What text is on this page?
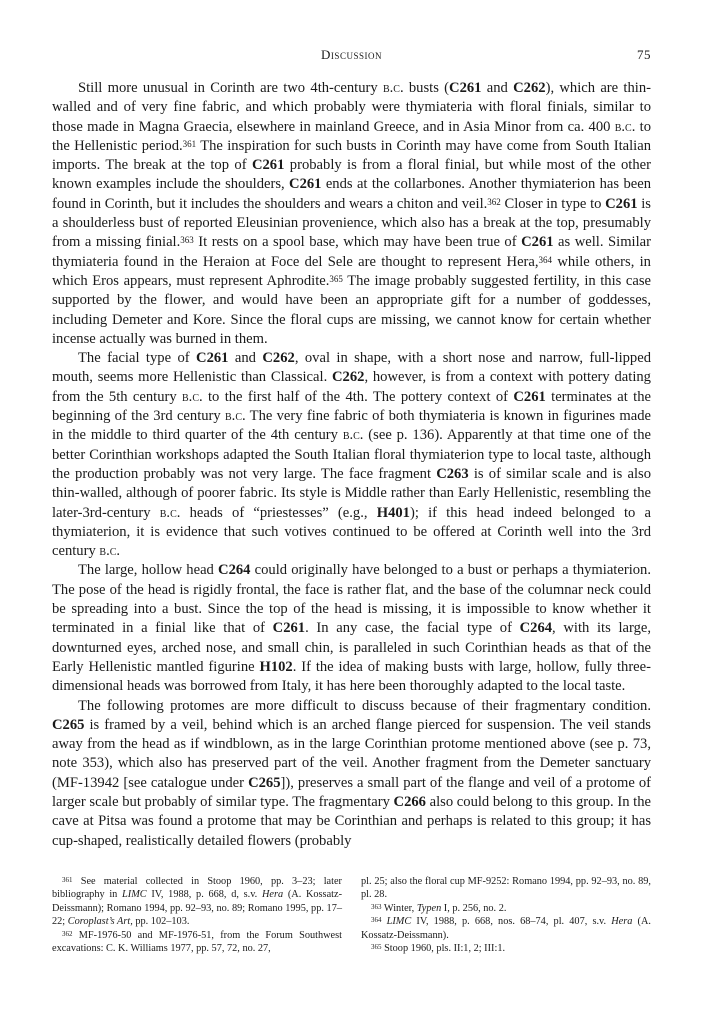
Discussion	75

Still more unusual in Corinth are two 4th-century b.c. busts (C261 and C262), which are thin-walled and of very fine fabric, and which probably were thymiateria with floral finials, similar to those made in Magna Graecia, elsewhere in mainland Greece, and in Asia Minor from ca. 400 b.c. to the Hellenistic period.$^{361}$ The inspiration for such busts in Corinth may have come from South Italian imports. The break at the top of C261 probably is from a floral finial, but while most of the other known examples include the shoulders, C261 ends at the collarbones. Another thymiaterion has been found in Corinth, but it includes the shoulders and wears a chiton and veil.$^{362}$ Closer in type to C261 is a shoulderless bust of reported Eleusinian provenience, which also has a break at the top, presumably from a missing finial.$^{363}$ It rests on a spool base, which may have been true of C261 as well. Similar thymiateria found in the Heraion at Foce del Sele are thought to represent Hera,$^{364}$ while others, in which Eros appears, must represent Aphrodite.$^{365}$ The image probably suggested fertility, in this case supported by the flower, and would have been an appropriate gift for a number of goddesses, including Demeter and Kore. Since the floral cups are missing, we cannot know for certain whether incense actually was burned in them.

The facial type of C261 and C262, oval in shape, with a short nose and narrow, full-lipped mouth, seems more Hellenistic than Classical. C262, however, is from a context with pottery dating from the 5th century b.c. to the first half of the 4th. The pottery context of C261 terminates at the beginning of the 3rd century b.c. The very fine fabric of both thymiateria is known in figurines made in the middle to third quarter of the 4th century b.c. (see p. 136). Apparently at that time one of the better Corinthian workshops adapted the South Italian floral thymiaterion type to local taste, although the production probably was not very large. The face fragment C263 is of similar scale and is also thin-walled, although of poorer fabric. Its style is Middle rather than Early Hellenistic, resembling the later-3rd-century b.c. heads of “priestesses” (e.g., H401); if this head indeed belonged to a thymiaterion, it is evidence that such votives continued to be offered at Corinth well into the 3rd century b.c.

The large, hollow head C264 could originally have belonged to a bust or perhaps a thymiaterion. The pose of the head is rigidly frontal, the face is rather flat, and the base of the columnar neck could be spreading into a bust. Since the top of the head is missing, it is impossible to know whether it terminated in a finial like that of C261. In any case, the facial type of C264, with its large, downturned eyes, arched nose, and small chin, is paralleled in such Corinthian heads as that of the Early Hellenistic mantled figurine H102. If the idea of making busts with large, hollow, fully three-dimensional heads was borrowed from Italy, it has here been thoroughly adapted to the local taste.

The following protomes are more difficult to discuss because of their fragmentary condition. C265 is framed by a veil, behind which is an arched flange pierced for suspension. The veil stands away from the head as if windblown, as in the large Corinthian protome mentioned above (see p. 73, note 353), which also has preserved part of the veil. Another fragment from the Demeter sanctuary (MF-13942 [see catalogue under C265]), preserves a small part of the flange and veil of a protome of larger scale but probably of similar type. The fragmentary C266 also could belong to this group. In the cave at Pitsa was found a protome that may be Corinthian and perhaps is related to this group; it has cup-shaped, realistically detailed flowers (probably

$^{361}$ See material collected in Stoop 1960, pp. 3–23; later bibliography in LIMC IV, 1988, p. 668, d, s.v. Hera (A. Kossatz-Deissmann); Romano 1994, pp. 92–93, no. 89; Romano 1995, pp. 17–22; Coroplast’s Art, pp. 102–103.

$^{362}$ MF-1976-50 and MF-1976-51, from the Forum Southwest excavations: C. K. Williams 1977, pp. 57, 72, no. 27,

pl. 25; also the floral cup MF-9252: Romano 1994, pp. 92–93, no. 89, pl. 28.

$^{363}$ Winter, Typen I, p. 256, no. 2.

$^{364}$ LIMC IV, 1988, p. 668, nos. 68–74, pl. 407, s.v. Hera (A. Kossatz-Deissmann).

$^{365}$ Stoop 1960, pls. II:1, 2; III:1.
